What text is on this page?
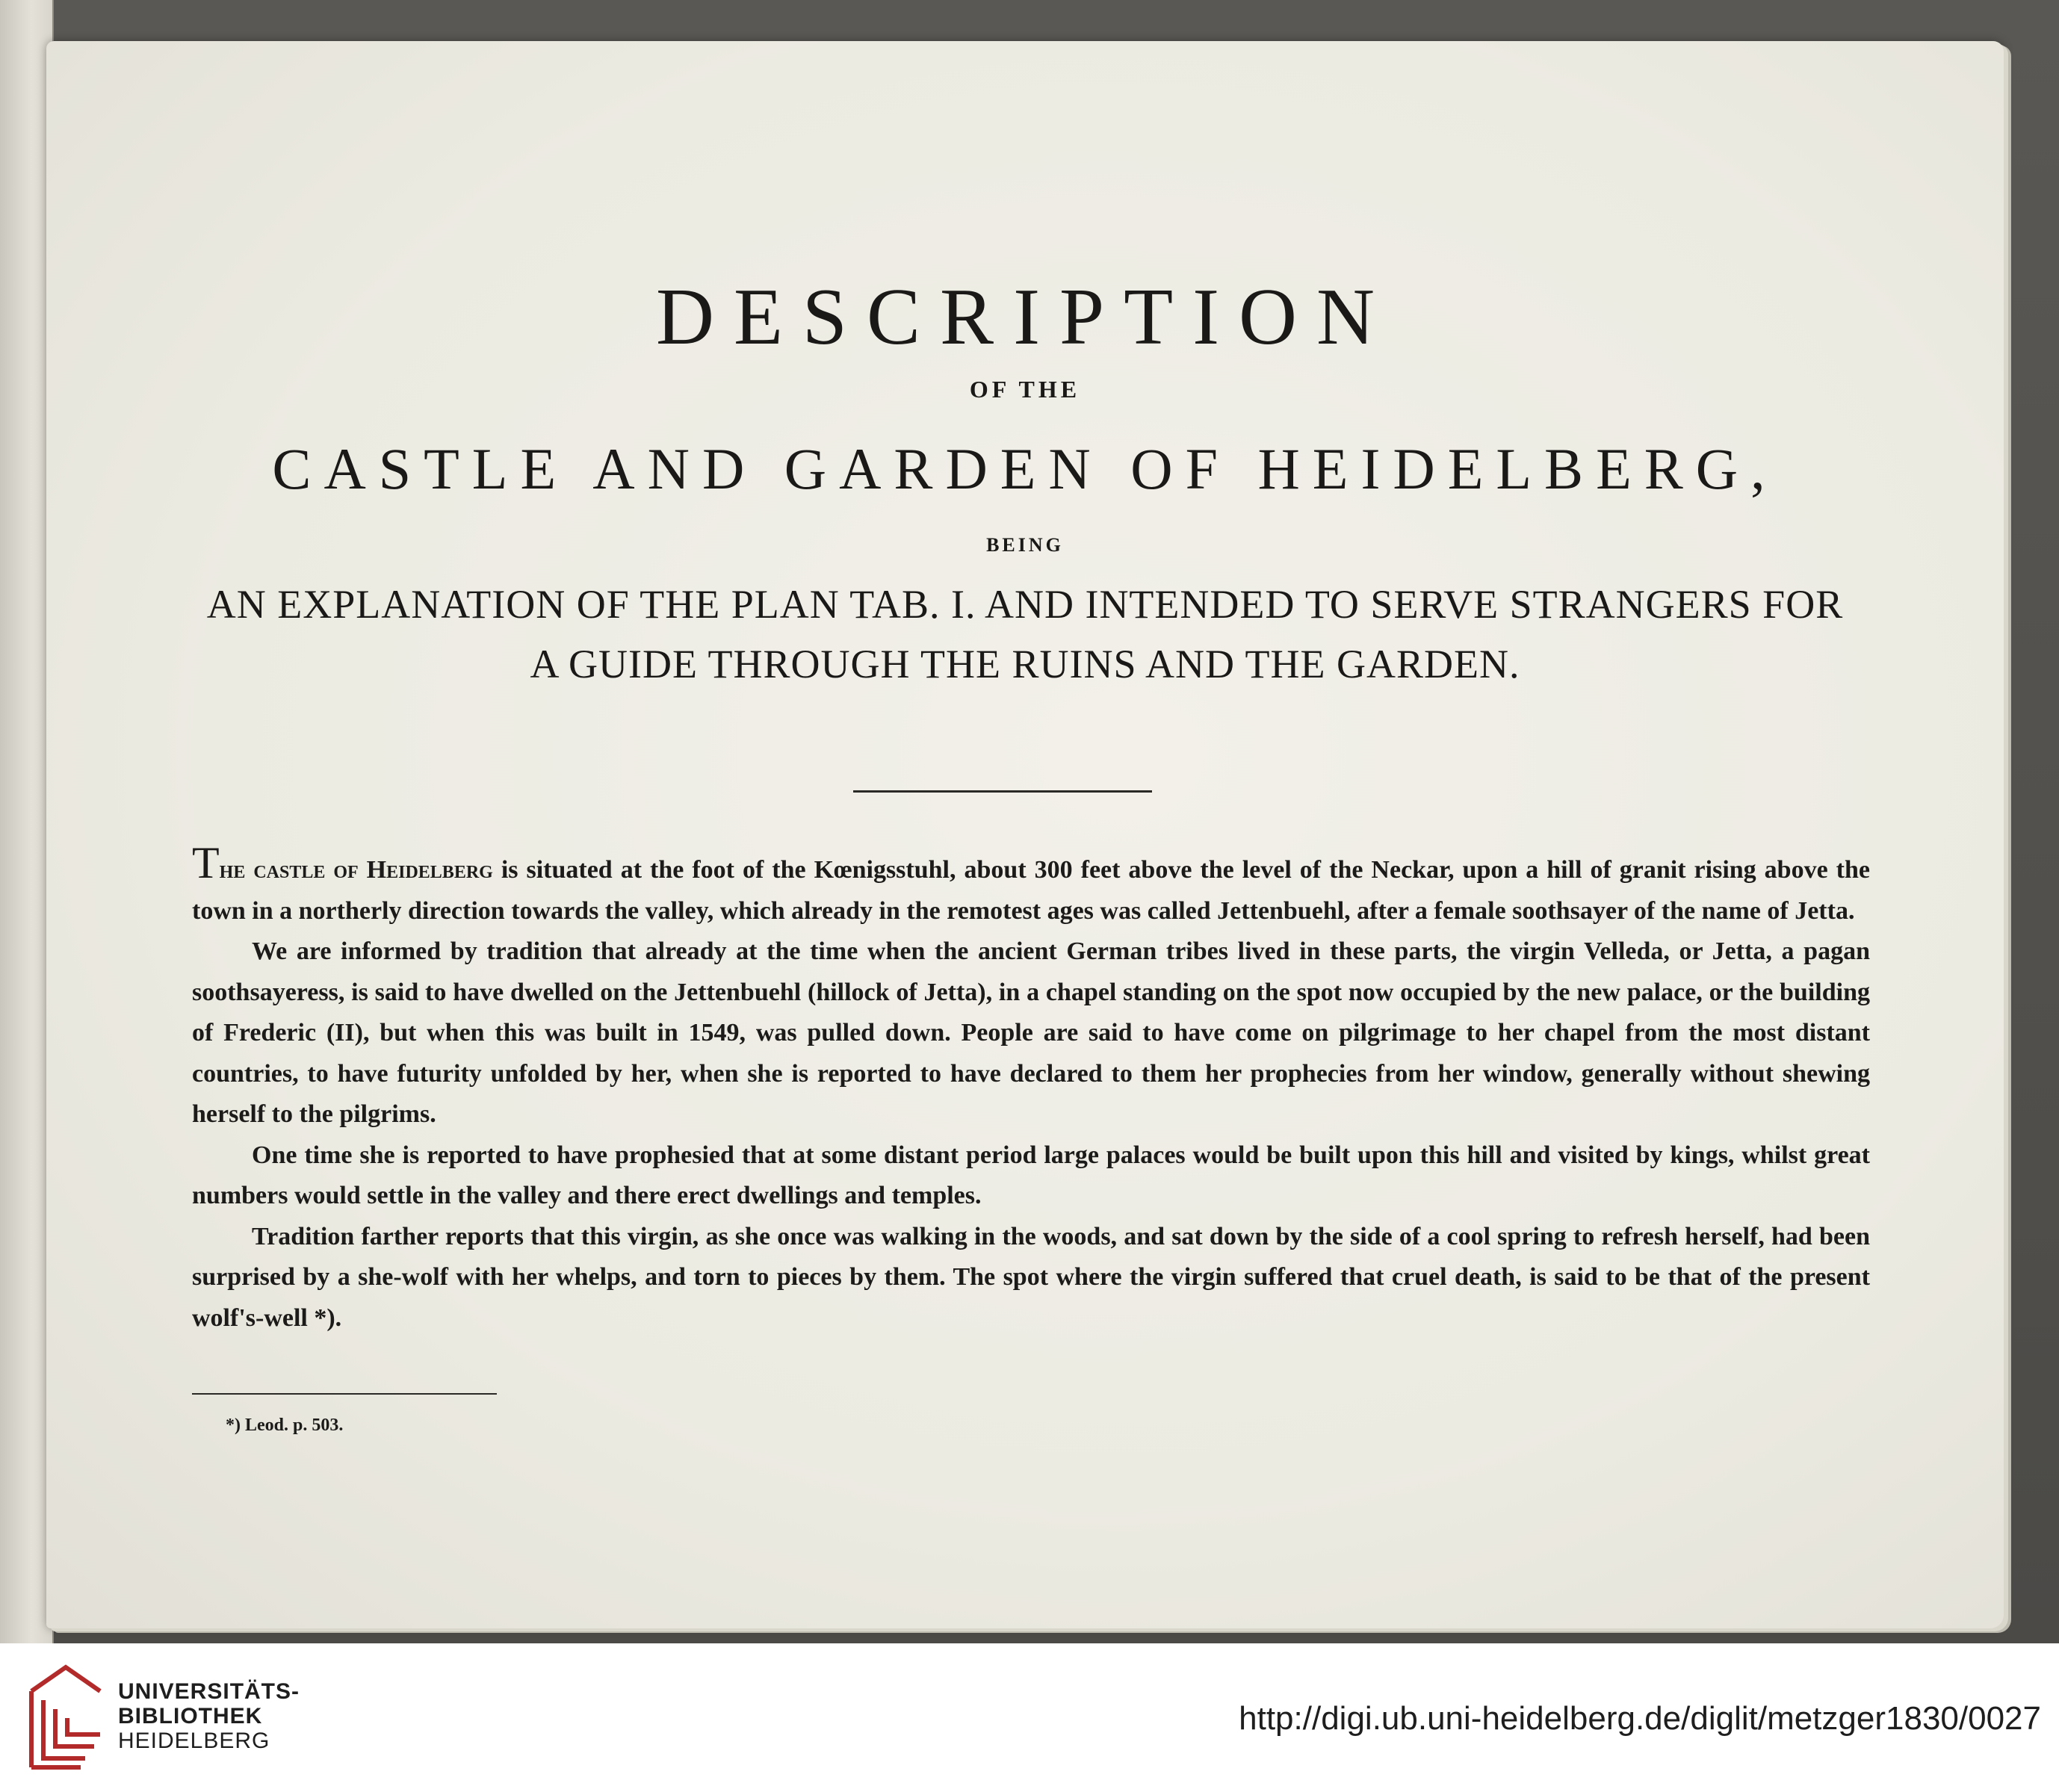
DESCRIPTION
OF THE
CASTLE AND GARDEN OF HEIDELBERG,
BEING
AN EXPLANATION OF THE PLAN TAB. I. AND INTENDED TO SERVE STRANGERS FOR
A GUIDE THROUGH THE RUINS AND THE GARDEN.

The castle of Heidelberg is situated at the foot of the Kœnigsstuhl, about 300 feet above the level of the Neckar, upon a hill of granit rising above the town in a northerly direction towards the valley, which already in the remotest ages was called Jettenbuehl, after a female soothsayer of the name of Jetta.

We are informed by tradition that already at the time when the ancient German tribes lived in these parts, the virgin Velleda, or Jetta, a pagan soothsayeress, is said to have dwelled on the Jettenbuehl (hillock of Jetta), in a chapel standing on the spot now occupied by the new palace, or the building of Frederic (II), but when this was built in 1549, was pulled down. People are said to have come on pilgrimage to her chapel from the most distant countries, to have futurity unfolded by her, when she is reported to have declared to them her prophecies from her window, generally without shewing herself to the pilgrims.

One time she is reported to have prophesied that at some distant period large palaces would be built upon this hill and visited by kings, whilst great numbers would settle in the valley and there erect dwellings and temples.

Tradition farther reports that this virgin, as she once was walking in the woods, and sat down by the side of a cool spring to refresh herself, had been surprised by a she-wolf with her whelps, and torn to pieces by them. The spot where the virgin suffered that cruel death, is said to be that of the present wolf's-well *).

*) Leod. p. 503.
UNIVERSITÄTS-
BIBLIOTHEK
HEIDELBERG
http://digi.ub.uni-heidelberg.de/diglit/metzger1830/0027
